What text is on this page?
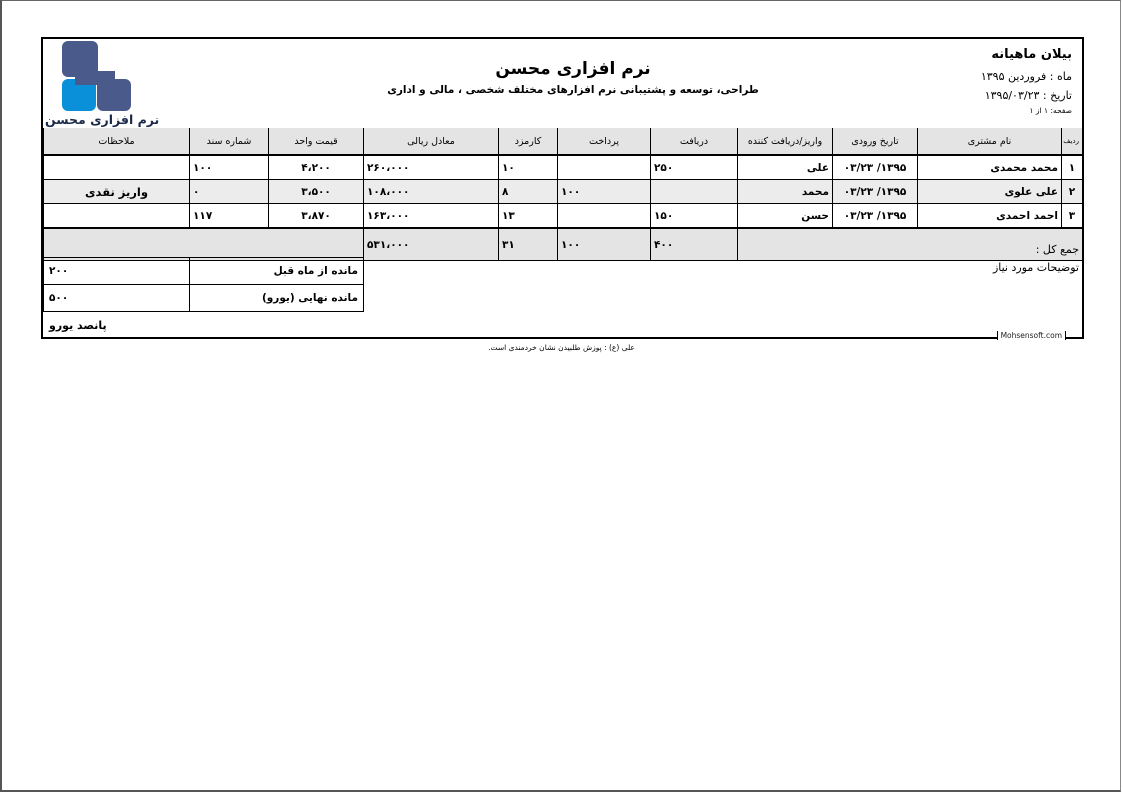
بیلان ماهیانه
ماه : فروردین ۱۳۹۵
تاریخ : ۱۳۹۵/۰۳/۲۳
صفحه: ۱ از ۱
نرم افزاری محسن
طراحی، توسعه و پشتیبانی نرم افزارهای مختلف شخصی ، مالی و اداری
نرم افزاری محسن
ردیف	نام مشتری	تاریخ ورودی	واریز/دریافت کننده	دریافت	پرداخت	کارمزد	معادل ریالی	قیمت واحد	شماره سند	ملاحظات
۱	محمد محمدی	۱۳۹۵/ ۰۳/۲۳	علی	۲۵۰		۱۰	۲۶۰،۰۰۰	۴،۲۰۰	۱۰۰	
۲	علی علوی	۱۳۹۵/ ۰۳/۲۳	محمد		۱۰۰	۸	۱۰۸،۰۰۰	۳،۵۰۰	۰	واریز نقدی
۳	احمد احمدی	۱۳۹۵/ ۰۳/۲۳	حسن	۱۵۰		۱۳	۱۶۳،۰۰۰	۳،۸۷۰	۱۱۷	
جمع کل :				۴۰۰	۱۰۰	۳۱	۵۳۱،۰۰۰			
توضیحات مورد نیاز
مانده از ماه قبل	۲۰۰
مانده نهایی (یورو)	۵۰۰
پانصد یورو
Mohsensoft.com
علی (ع) : پوزش طلبیدن نشان خردمندی است.
